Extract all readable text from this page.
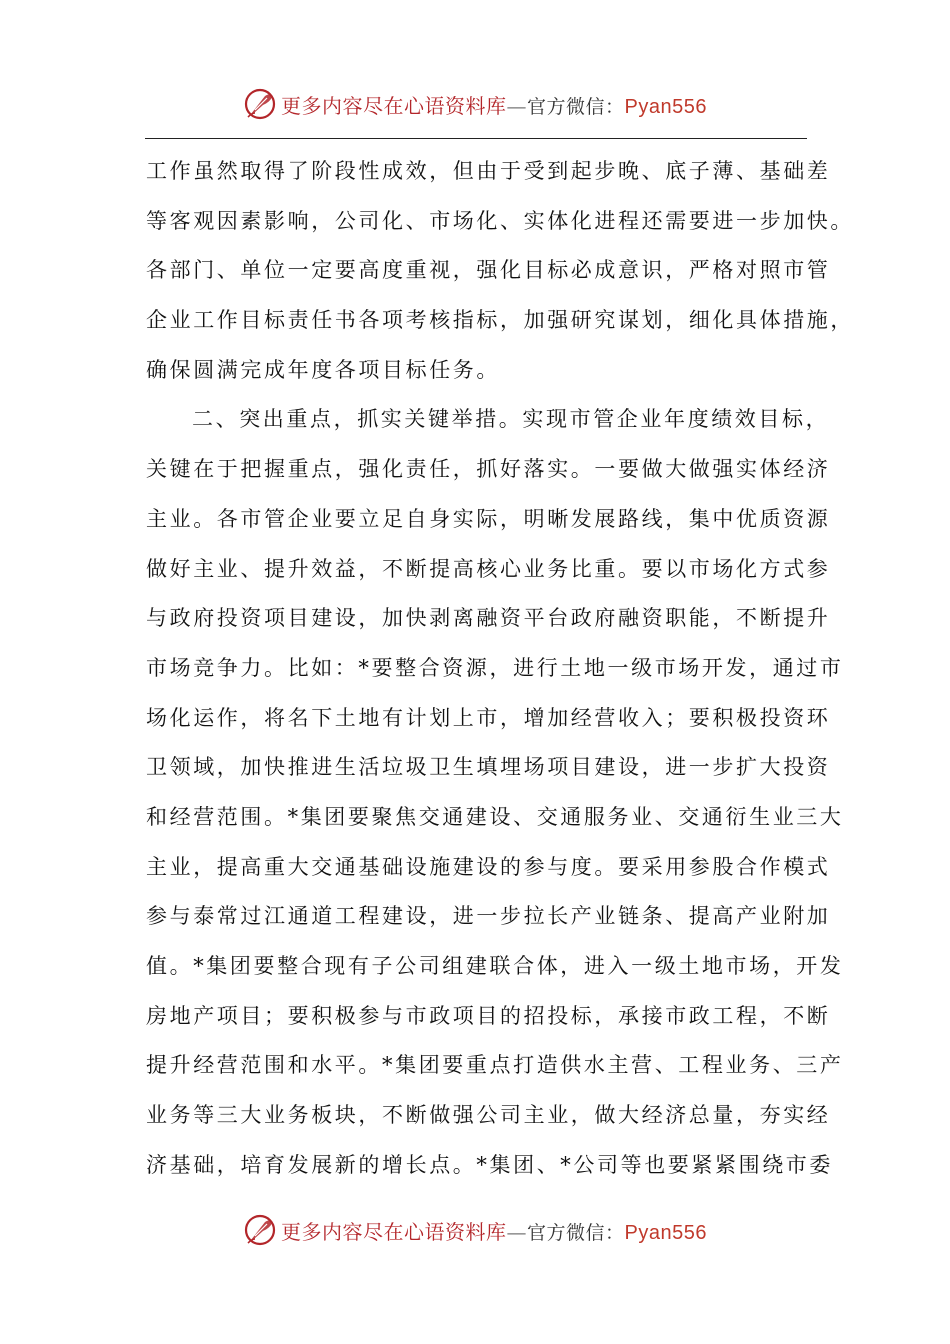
更多内容尽在心语资料库—官方微信：Pyan556
工作虽然取得了阶段性成效，但由于受到起步晚、底子薄、基础差
等客观因素影响，公司化、市场化、实体化进程还需要进一步加快。
各部门、单位一定要高度重视，强化目标必成意识，严格对照市管
企业工作目标责任书各项考核指标，加强研究谋划，细化具体措施，
确保圆满完成年度各项目标任务。
二、突出重点，抓实关键举措。实现市管企业年度绩效目标，
关键在于把握重点，强化责任，抓好落实。一要做大做强实体经济
主业。各市管企业要立足自身实际，明晰发展路线，集中优质资源
做好主业、提升效益，不断提高核心业务比重。要以市场化方式参
与政府投资项目建设，加快剥离融资平台政府融资职能，不断提升
市场竞争力。比如：*要整合资源，进行土地一级市场开发，通过市
场化运作，将名下土地有计划上市，增加经营收入；要积极投资环
卫领域，加快推进生活垃圾卫生填埋场项目建设，进一步扩大投资
和经营范围。*集团要聚焦交通建设、交通服务业、交通衍生业三大
主业，提高重大交通基础设施建设的参与度。要采用参股合作模式
参与泰常过江通道工程建设，进一步拉长产业链条、提高产业附加
值。*集团要整合现有子公司组建联合体，进入一级土地市场，开发
房地产项目；要积极参与市政项目的招投标，承接市政工程，不断
提升经营范围和水平。*集团要重点打造供水主营、工程业务、三产
业务等三大业务板块，不断做强公司主业，做大经济总量，夯实经
济基础，培育发展新的增长点。*集团、*公司等也要紧紧围绕市委
更多内容尽在心语资料库—官方微信：Pyan556
